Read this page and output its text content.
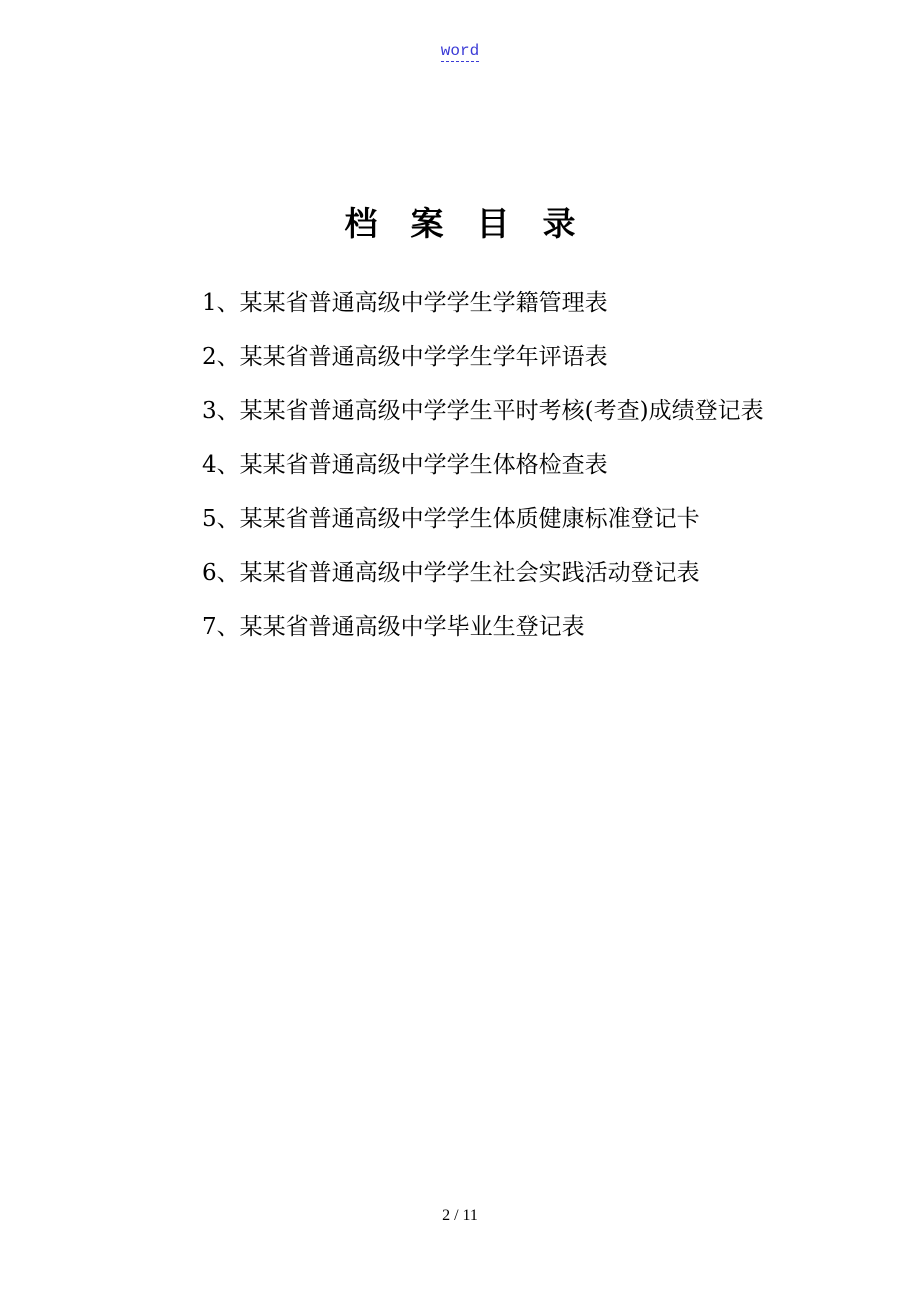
word
档　案　目　录
1、某某省普通高级中学学生学籍管理表
2、某某省普通高级中学学生学年评语表
3、某某省普通高级中学学生平时考核(考查)成绩登记表
4、某某省普通高级中学学生体格检查表
5、某某省普通高级中学学生体质健康标准登记卡
6、某某省普通高级中学学生社会实践活动登记表
7、某某省普通高级中学毕业生登记表
2 / 11
